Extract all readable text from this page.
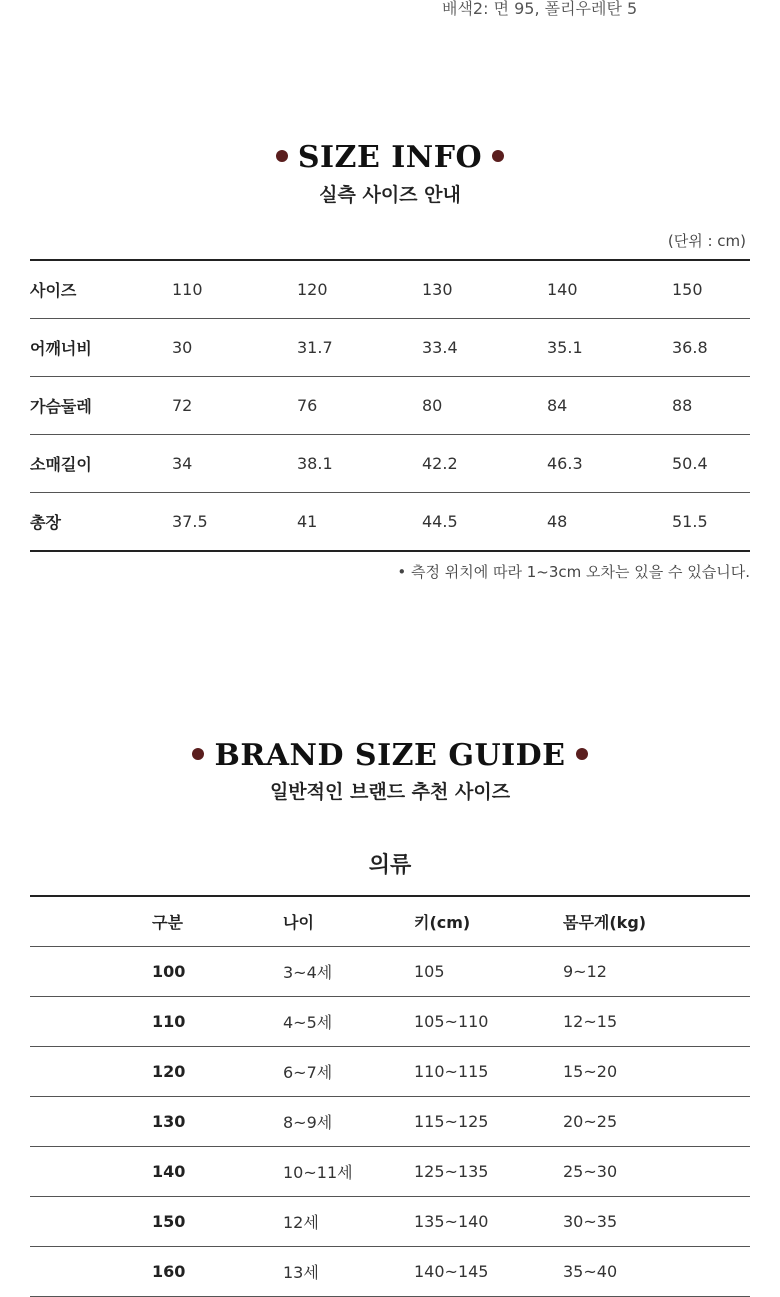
배색2: 면 95, 폴리우레탄 5
SIZE INFO
실측 사이즈 안내
(단위 : cm)
사이즈	110	120	130	140	150
어깨너비	30	31.7	33.4	35.1	36.8
가슴둘레	72	76	80	84	88
소매길이	34	38.1	42.2	46.3	50.4
총장	37.5	41	44.5	48	51.5
• 측정 위치에 따라 1~3cm 오차는 있을 수 있습니다.
BRAND SIZE GUIDE
일반적인 브랜드 추천 사이즈
의류
구분	나이	키(cm)	몸무게(kg)
100	3~4세	105	9~12
110	4~5세	105~110	12~15
120	6~7세	110~115	15~20
130	8~9세	115~125	20~25
140	10~11세	125~135	25~30
150	12세	135~140	30~35
160	13세	140~145	35~40
